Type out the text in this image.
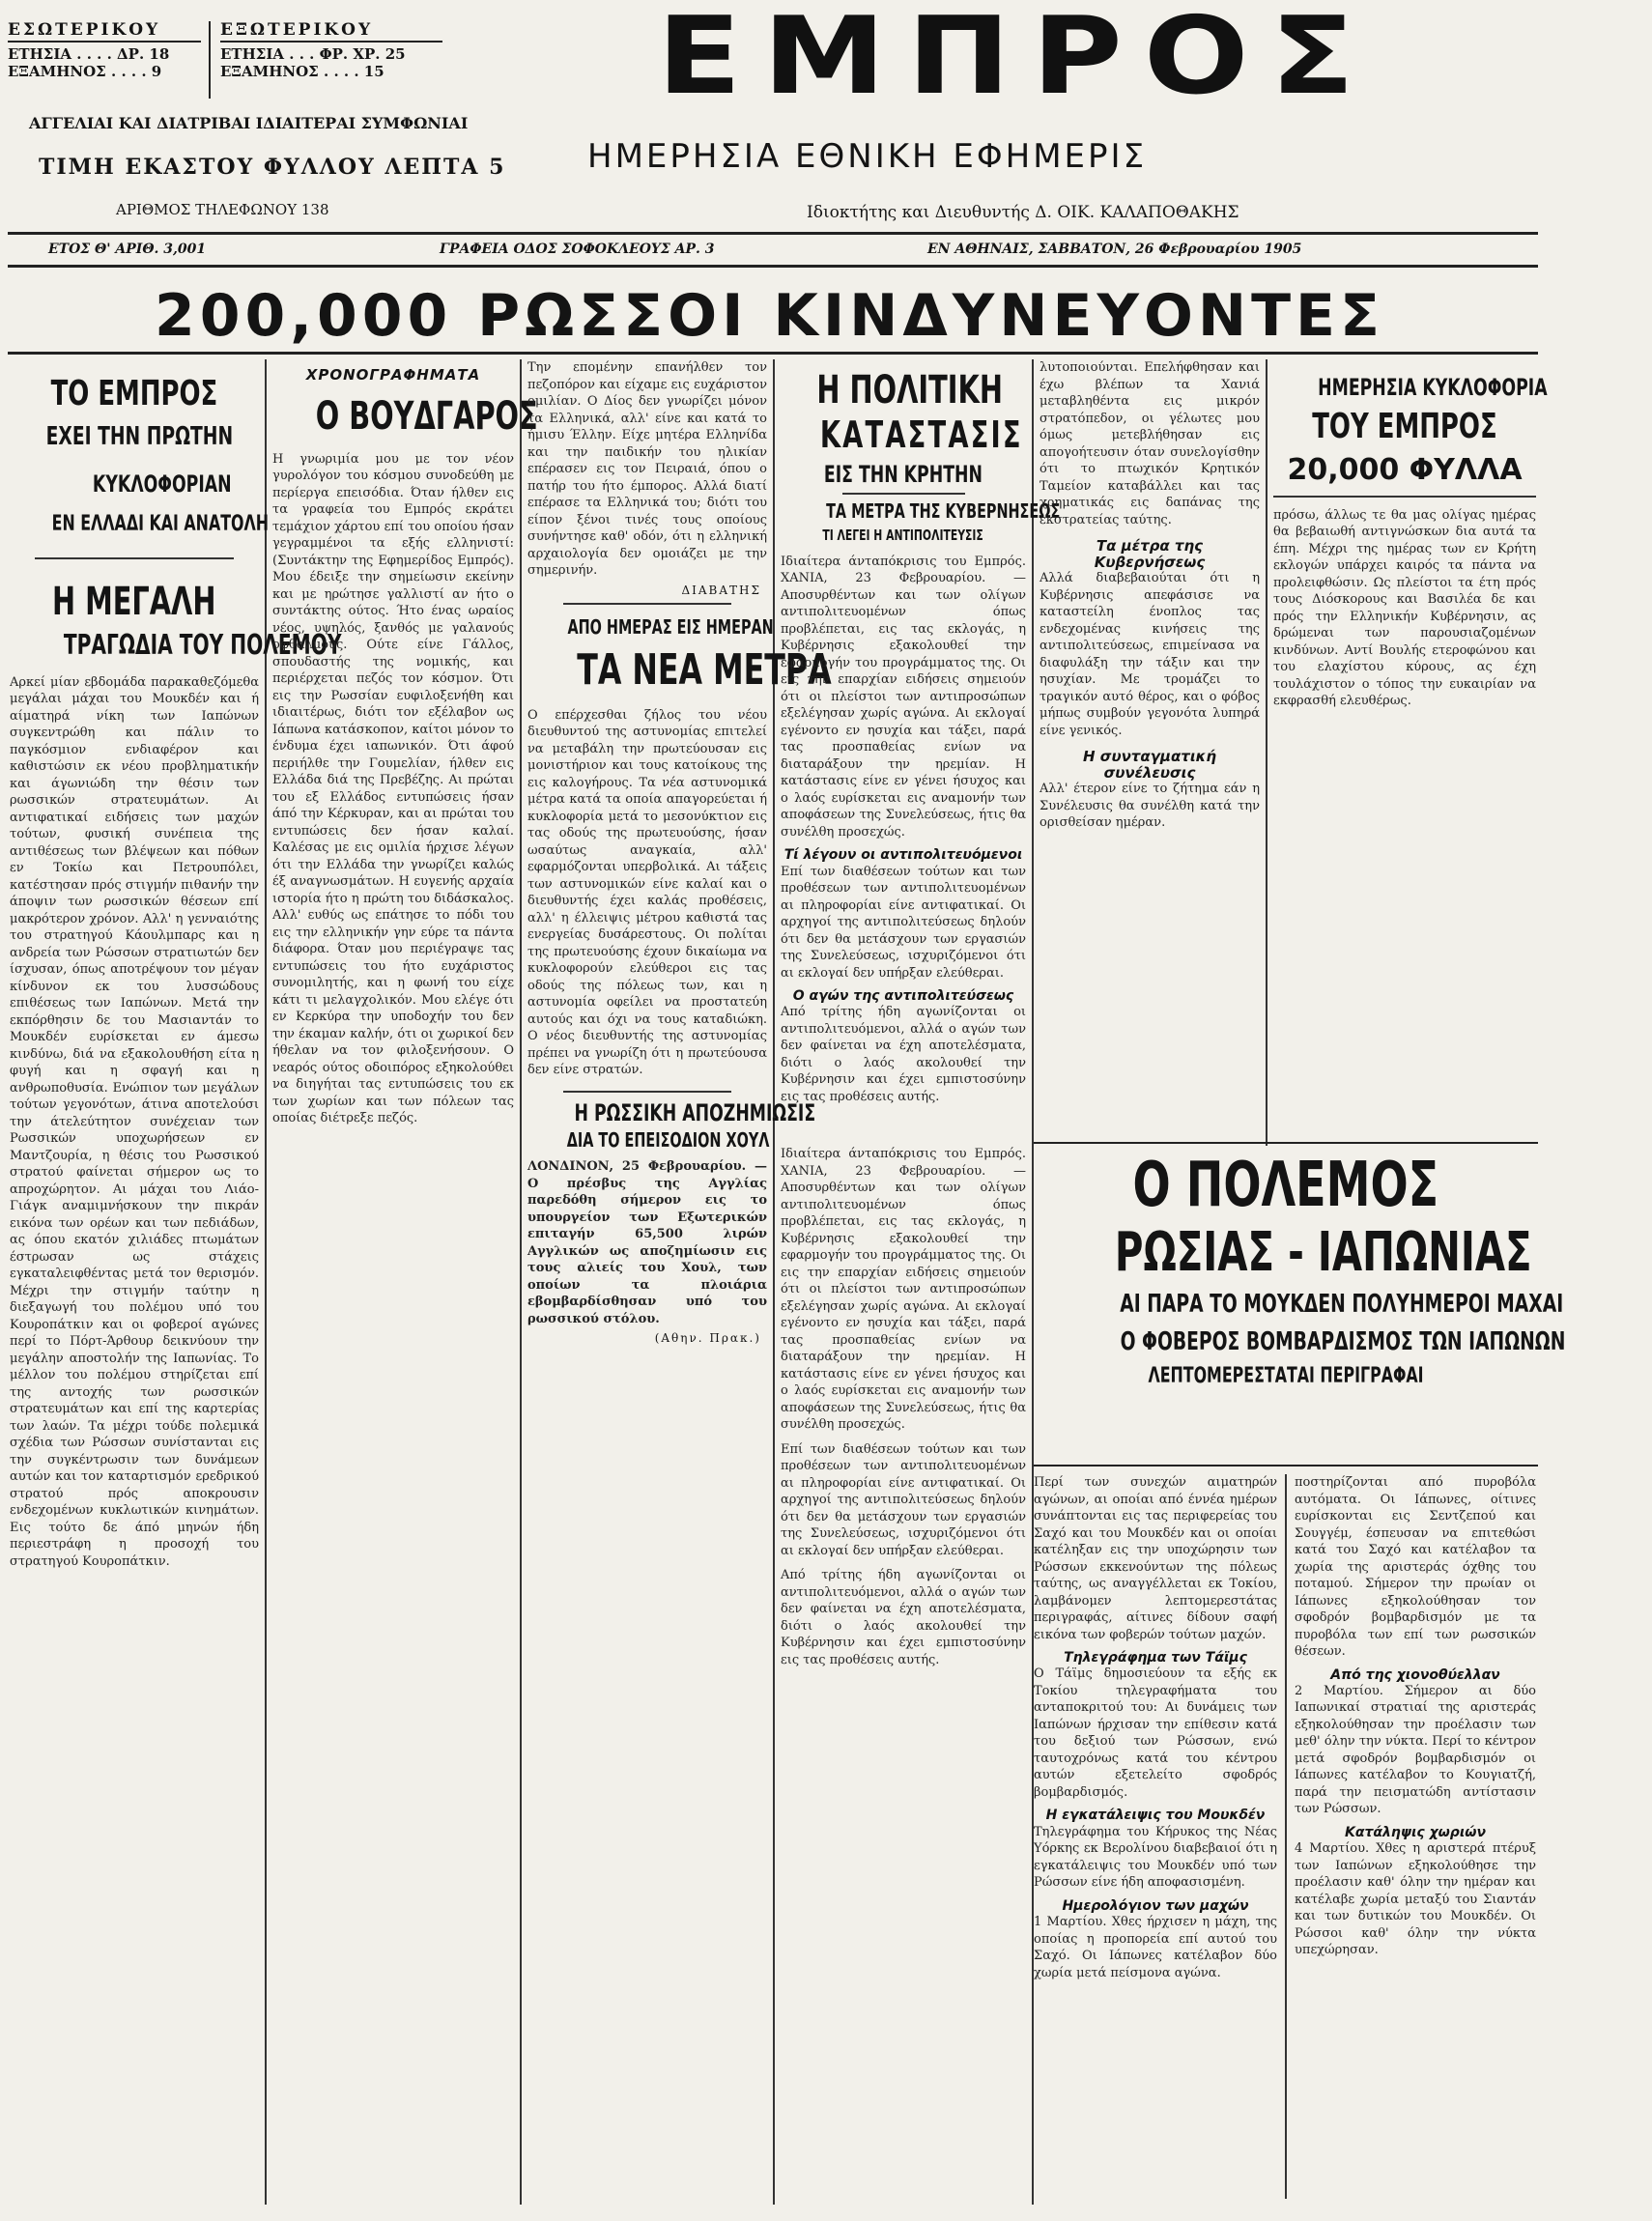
ΕΣΩΤΕΡΙΚΟΥ
ΕΤΗΣΙΑ . . . . ΔΡ. 18
ΕΞΑΜΗΝΟΣ . . . . 9
ΕΞΩΤΕΡΙΚΟΥ
ΕΤΗΣΙΑ . . . ΦΡ. ΧΡ. 25
ΕΞΑΜΗΝΟΣ . . . . 15	ΕΜΠΡΟΣ
ΑΓΓΕΛΙΑΙ ΚΑΙ ΔΙΑΤΡΙΒΑΙ ΙΔΙΑΙΤΕΡΑΙ ΣΥΜΦΩΝΙΑΙ
ΤΙΜΗ ΕΚΑΣΤΟΥ ΦΥΛΛΟΥ ΛΕΠΤΑ 5
ΑΡΙΘΜΟΣ ΤΗΛΕΦΩΝΟΥ 138
ΗΜΕΡΗΣΙΑ ΕΘΝΙΚΗ ΕΦΗΜΕΡΙΣ
Ιδιοκτήτης και Διευθυντής Δ. ΟΙΚ. ΚΑΛΑΠΟΘΑΚΗΣ
ΕΤΟΣ Θ' ΑΡΙΘ. 3,001	ΓΡΑΦΕΙΑ ΟΔΟΣ ΣΟΦΟΚΛΕΟΥΣ ΑΡ. 3	ΕΝ ΑΘΗΝΑΙΣ, ΣΑΒΒΑΤΟΝ, 26 Φεβρουαρίου 1905
200,000 ΡΩΣΣΟΙ ΚΙΝΔΥΝΕΥΟΝΤΕΣ
ΤΟ ΕΜΠΡΟΣ
ΕΧΕΙ ΤΗΝ ΠΡΩΤΗΝ
ΚΥΚΛΟΦΟΡΙΑΝ
ΕΝ ΕΛΛΑΔΙ ΚΑΙ ΑΝΑΤΟΛΗ
Η ΜΕΓΑΛΗ
ΤΡΑΓΩΔΙΑ ΤΟΥ ΠΟΛΕΜΟΥ

Αρκεί μίαν εβδομάδα παρακαθεζόμεθα μεγάλαι μάχαι του Μουκδέν και ή αίματηρά νίκη των Ιαπώνων συγκεντρώθη και πάλιν το παγκόσμιον ενδιαφέρον και καθιστώσιν εκ νέου προβληματικήν και άγωνιώδη την θέσιν των ρωσσικών στρατευμάτων. Αι αντιφατικαί ειδήσεις των μαχών τούτων, φυσική συνέπεια της αντιθέσεως των βλέψεων και πόθων εν Τοκίω και Πετρουπόλει, κατέστησαν πρός στιγμήν πιθανήν την άποψιν των ρωσσικών θέσεων επί μακρότερον χρόνον. Αλλ' η γενναιότης του στρατηγού Κάουλμπαρς και η ανδρεία των Ρώσσων στρατιωτών δεν ίσχυσαν, όπως αποτρέψουν τον μέγαν κίνδυνον εκ του λυσσώδους επιθέσεως των Ιαπώνων. Μετά την εκπόρθησιν δε του Μασιαντάν το Μουκδέν ευρίσκεται εν άμεσω κινδύνω, διά να εξακολουθήση είτα η φυγή και η σφαγή και η ανθρωποθυσία. Ενώπιον των μεγάλων τούτων γεγονότων, άτινα αποτελούσι την άτελεύτητον συνέχειαν των Ρωσσικών υποχωρήσεων εν Μαντζουρία, η θέσις του Ρωσσικού στρατού φαίνεται σήμερον ως το απροχώρητον. Αι μάχαι του Λιάο-Γιάγκ αναμιμνήσκουν την πικράν εικόνα των ορέων και των πεδιάδων, ας όπου εκατόν χιλιάδες πτωμάτων έστρωσαν ως στάχεις εγκαταλειφθέντας μετά τον θερισμόν. Μέχρι την στιγμήν ταύτην η διεξαγωγή του πολέμου υπό του Κουροπάτκιν και οι φοβεροί αγώνες περί το Πόρτ-Άρθουρ δεικνύουν την μεγάλην αποστολήν της Ιαπωνίας. Το μέλλον του πολέμου στηρίζεται επί της αντοχής των ρωσσικών στρατευμάτων και επί της καρτερίας των λαών. Τα μέχρι τούδε πολεμικά σχέδια των Ρώσσων συνίστανται εις την συγκέντρωσιν των δυνάμεων αυτών και τον καταρτισμόν ερεδρικού στρατού πρός αποκρουσιν ενδεχομένων κυκλωτικών κινημάτων. Εις τούτο δε άπό μηνών ήδη περιεστράφη η προσοχή του στρατηγού Κουροπάτκιν.

ΧΡΟΝΟΓΡΑΦΗΜΑΤΑ
Ο ΒΟΥΔΓΑΡΟΣ

Η γνωριμία μου με τον νέον γυρολόγον του κόσμου συνοδεύθη με περίεργα επεισόδια. Όταν ήλθεν εις τα γραφεία του Εμπρός εκράτει τεμάχιον χάρτου επί του οποίου ήσαν γεγραμμένοι τα εξής ελληνιστί: (Συντάκτην της Εφημερίδος Εμπρός). Μου έδειξε την σημείωσιν εκείνην και με ηρώτησε γαλλιστί αν ήτο ο συντάκτης ούτος. Ήτο ένας ωραίος νέος, υψηλός, ξανθός με γαλανούς οφθαλμούς. Ούτε είνε Γάλλος, σπουδαστής της νομικής, και περιέρχεται πεζός τον κόσμον. Ότι εις την Ρωσσίαν ευφιλοξενήθη και ιδιαιτέρως, διότι τον εξέλαβον ως Ιάπωνα κατάσκοπον, καίτοι μόνον το ένδυμα έχει ιαπωνικόν. Ότι άφού περιήλθε την Γουμελίαν, ήλθεν εις Ελλάδα διά της Πρεβέζης. Αι πρώται του εξ Ελλάδος εντυπώσεις ήσαν άπό την Κέρκυραν, και αι πρώται του εντυπώσεις δεν ήσαν καλαί. Καλέσας με εις ομιλία ήρχισε λέγων ότι την Ελλάδα την γνωρίζει καλώς έξ αναγνωσμάτων. Η ευγενής αρχαία ιστορία ήτο η πρώτη του διδάσκαλος. Αλλ' ευθύς ως επάτησε το πόδι του εις την ελληνικήν γην εύρε τα πάντα διάφορα. Όταν μου περιέγραψε τας εντυπώσεις του ήτο ευχάριστος συνομιλητής, και η φωνή του είχε κάτι τι μελαγχολικόν. Μου ελέγε ότι εν Κερκύρα την υποδοχήν του δεν την έκαμαν καλήν, ότι οι χωρικοί δεν ήθελαν να τον φιλοξενήσουν. Ο νεαρός ούτος οδοιπόρος εξηκολούθει να διηγήται τας εντυπώσεις του εκ των χωρίων και των πόλεων τας οποίας διέτρεξε πεζός.

Την επομένην επανήλθεν τον πεζοπόρον και είχαμε εις ευχάριστον ομιλίαν. Ο Δίος δεν γνωρίζει μόνον τα Ελληνικά, αλλ' είνε και κατά το ήμισυ Έλλην. Είχε μητέρα Ελληνίδα και την παιδικήν του ηλικίαν επέρασεν εις τον Πειραιά, όπου ο πατήρ του ήτο έμπορος. Αλλά διατί επέρασε τα Ελληνικά του; διότι του είπον ξένοι τινές τους οποίους συνήντησε καθ' οδόν, ότι η ελληνική αρχαιολογία δεν ομοιάζει με την σημερινήν.

ΔΙΑΒΑΤΗΣ
ΑΠΟ ΗΜΕΡΑΣ ΕΙΣ ΗΜΕΡΑΝ
ΤΑ ΝΕΑ ΜΕΤΡΑ

Ο επέρχεσθαι ζήλος του νέου διευθυντού της αστυνομίας επιτελεί να μεταβάλη την πρωτεύουσαν εις μονιστήριον και τους κατοίκους της εις καλογήρους. Τα νέα αστυνομικά μέτρα κατά τα οποία απαγορεύεται ή κυκλοφορία μετά το μεσονύκτιον εις τας οδούς της πρωτευούσης, ήσαν ωσαύτως αναγκαία, αλλ' εφαρμόζονται υπερβολικά. Αι τάξεις των αστυνομικών είνε καλαί και ο διευθυντής έχει καλάς προθέσεις, αλλ' η έλλειψις μέτρου καθιστά τας ενεργείας δυσάρεστους. Οι πολίται της πρωτευούσης έχουν δικαίωμα να κυκλοφορούν ελεύθεροι εις τας οδούς της πόλεως των, και η αστυνομία οφείλει να προστατεύη αυτούς και όχι να τους καταδιώκη. Ο νέος διευθυντής της αστυνομίας πρέπει να γνωρίζη ότι η πρωτεύουσα δεν είνε στρατών.

Η ΡΩΣΣΙΚΗ ΑΠΟΖΗΜΙΩΣΙΣ
ΔΙΑ ΤΟ ΕΠΕΙΣΟΔΙΟΝ ΧΟΥΛ

ΛΟΝΔΙΝΟΝ, 25 Φεβρουαρίου. — Ο πρέσβυς της Αγγλίας παρεδόθη σήμερον εις το υπουργείον των Εξωτερικών επιταγήν 65,500 λιρών Αγγλικών ως αποζημίωσιν εις τους αλιείς του Χουλ, των οποίων τα πλοιάρια εβομβαρδίσθησαν υπό του ρωσσικού στόλου.

(Αθην. Πρακ.)
Η ΠΟΛΙΤΙΚΗ
ΚΑΤΑΣΤΑΣΙΣ
ΕΙΣ ΤΗΝ ΚΡΗΤΗΝ
ΤΑ ΜΕΤΡΑ ΤΗΣ ΚΥΒΕΡΝΗΣΕΩΣ
ΤΙ ΛΕΓΕΙ Η ΑΝΤΙΠΟΛΙΤΕΥΣΙΣ

Ιδιαίτερα άνταπόκρισις του Εμπρός. ΧΑΝΙΑ, 23 Φεβρουαρίου. — Αποσυρθέντων και των ολίγων αντιπολιτευομένων όπως προβλέπεται, εις τας εκλογάς, η Κυβέρνησις εξακολουθεί την εφαρμογήν του προγράμματος της. Οι εις την επαρχίαν ειδήσεις σημειούν ότι οι πλείστοι των αντιπροσώπων εξελέγησαν χωρίς αγώνα. Αι εκλογαί εγένοντο εν ησυχία και τάξει, παρά τας προσπαθείας ενίων να διαταράξουν την ηρεμίαν. Η κατάστασις είνε εν γένει ήσυχος και ο λαός ευρίσκεται εις αναμονήν των αποφάσεων της Συνελεύσεως, ήτις θα συνέλθη προσεχώς.

Τί λέγουν οι αντιπολιτευόμενοι

Επί των διαθέσεων τούτων και των προθέσεων των αντιπολιτευομένων αι πληροφορίαι είνε αντιφατικαί. Οι αρχηγοί της αντιπολιτεύσεως δηλούν ότι δεν θα μετάσχουν των εργασιών της Συνελεύσεως, ισχυριζόμενοι ότι αι εκλογαί δεν υπήρξαν ελεύθεραι.

Ο αγών της αντιπολιτεύσεως

Από τρίτης ήδη αγωνίζονται οι αντιπολιτευόμενοι, αλλά ο αγών των δεν φαίνεται να έχη αποτελέσματα, διότι ο λαός ακολουθεί την Κυβέρνησιν και έχει εμπιστοσύνην εις τας προθέσεις αυτής.

λυτοποιούνται. Επελήφθησαν και έχω βλέπων τα Χανιά μεταβληθέντα εις μικρόν στρατόπεδον, οι γέλωτες μου όμως μετεβλήθησαν εις απογοήτευσιν όταν συνελογίσθην ότι το πτωχικόν Κρητικόν Ταμείον καταβάλλει και τας χρηματικάς εις δαπάνας της εκστρατείας ταύτης.

Τα μέτρα της Κυβερνήσεως

Αλλά διαβεβαιούται ότι η Κυβέρνησις απεφάσισε να καταστείλη ένοπλος τας ενδεχομένας κινήσεις της αντιπολιτεύσεως, επιμείνασα να διαφυλάξη την τάξιν και την ησυχίαν. Με τρομάζει το τραγικόν αυτό θέρος, και ο φόβος μήπως συμβούν γεγονότα λυπηρά είνε γενικός.

Η συνταγματική συνέλευσις

Αλλ' έτερον είνε το ζήτημα εάν η Συνέλευσις θα συνέλθη κατά την ορισθείσαν ημέραν.

ΗΜΕΡΗΣΙΑ ΚΥΚΛΟΦΟΡΙΑ
ΤΟΥ ΕΜΠΡΟΣ
20,000 ΦΥΛΛΑ

πρόσω, άλλως τε θα μας ολίγας ημέρας θα βεβαιωθή αντιγνώσκων δια αυτά τα έπη. Μέχρι της ημέρας των εν Κρήτη εκλογών υπάρχει καιρός τα πάντα να προλειφθώσιν. Ως πλείστοι τα έτη πρός τους Διόσκορους και Βασιλέα δε και πρός την Ελληνικήν Κυβέρνησιν, ας δρώμεναι των παρουσιαζομένων κινδύνων. Αντί Βουλής ετεροφώνου και του ελαχίστου κύρους, ας έχη τουλάχιστον ο τόπος την ευκαιρίαν να εκφρασθή ελευθέρως.

Ο ΠΟΛΕΜΟΣ
ΡΩΣΙΑΣ - ΙΑΠΩΝΙΑΣ
ΑΙ ΠΑΡΑ ΤΟ ΜΟΥΚΔΕΝ ΠΟΛΥΗΜΕΡΟΙ ΜΑΧΑΙ
Ο ΦΟΒΕΡΟΣ ΒΟΜΒΑΡΔΙΣΜΟΣ ΤΩΝ ΙΑΠΩΝΩΝ
ΛΕΠΤΟΜΕΡΕΣΤΑΤΑΙ ΠΕΡΙΓΡΑΦΑΙ

Περί των συνεχών αιματηρών αγώνων, αι οποίαι από έννέα ημέρων συνάπτονται εις τας περιφερείας του Σαχό και του Μουκδέν και οι οποίαι κατέληξαν εις την υποχώρησιν των Ρώσσων εκκενούντων της πόλεως ταύτης, ως αναγγέλλεται εκ Τοκίου, λαμβάνομεν λεπτομερεστάτας περιγραφάς, αίτινες δίδουν σαφή εικόνα των φοβερών τούτων μαχών.

Τηλεγράφημα των Τάϊμς

Ο Τάϊμς δημοσιεύουν τα εξής εκ Τοκίου τηλεγραφήματα του ανταποκριτού του: Αι δυνάμεις των Ιαπώνων ήρχισαν την επίθεσιν κατά του δεξιού των Ρώσσων, ενώ ταυτοχρόνως κατά του κέντρου αυτών εξετελείτο σφοδρός βομβαρδισμός.

Η εγκατάλειψις του Μουκδέν

Τηλεγράφημα του Κήρυκος της Νέας Υόρκης εκ Βερολίνου διαβεβαιοί ότι η εγκατάλειψις του Μουκδέν υπό των Ρώσσων είνε ήδη αποφασισμένη.

Ημερολόγιον των μαχών

1 Μαρτίου. Χθες ήρχισεν η μάχη, της οποίας η προπορεία επί αυτού του Σαχό. Οι Ιάπωνες κατέλαβον δύο χωρία μετά πείσμονα αγώνα.

ποστηρίζονται από πυροβόλα αυτόματα. Οι Ιάπωνες, οίτινες ευρίσκονται εις Σεντζεπού και Σουγγέμ, έσπευσαν να επιτεθώσι κατά του Σαχό και κατέλαβον τα χωρία της αριστεράς όχθης του ποταμού. Σήμερον την πρωίαν οι Ιάπωνες εξηκολούθησαν τον σφοδρόν βομβαρδισμόν με τα πυροβόλα των επί των ρωσσικών θέσεων.

Από της χιονοθύελλαν

2 Μαρτίου. Σήμερον αι δύο Ιαπωνικαί στρατιαί της αριστεράς εξηκολούθησαν την προέλασιν των μεθ' όλην την νύκτα. Περί το κέντρον μετά σφοδρόν βομβαρδισμόν οι Ιάπωνες κατέλαβον το Κουγιατζή, παρά την πεισματώδη αντίστασιν των Ρώσσων.

Κατάληψις χωριών

4 Μαρτίου. Χθες η αριστερά πτέρυξ των Ιαπώνων εξηκολούθησε την προέλασιν καθ' όλην την ημέραν και κατέλαβε χωρία μεταξύ του Σιαντάν και των δυτικών του Μουκδέν. Οι Ρώσσοι καθ' όλην την νύκτα υπεχώρησαν.

Ιδιαίτερα άνταπόκρισις του Εμπρός. ΧΑΝΙΑ, 23 Φεβρουαρίου. — Αποσυρθέντων και των ολίγων αντιπολιτευομένων όπως προβλέπεται, εις τας εκλογάς, η Κυβέρνησις εξακολουθεί την εφαρμογήν του προγράμματος της. Οι εις την επαρχίαν ειδήσεις σημειούν ότι οι πλείστοι των αντιπροσώπων εξελέγησαν χωρίς αγώνα. Αι εκλογαί εγένοντο εν ησυχία και τάξει, παρά τας προσπαθείας ενίων να διαταράξουν την ηρεμίαν. Η κατάστασις είνε εν γένει ήσυχος και ο λαός ευρίσκεται εις αναμονήν των αποφάσεων της Συνελεύσεως, ήτις θα συνέλθη προσεχώς.

Επί των διαθέσεων τούτων και των προθέσεων των αντιπολιτευομένων αι πληροφορίαι είνε αντιφατικαί. Οι αρχηγοί της αντιπολιτεύσεως δηλούν ότι δεν θα μετάσχουν των εργασιών της Συνελεύσεως, ισχυριζόμενοι ότι αι εκλογαί δεν υπήρξαν ελεύθεραι.

Από τρίτης ήδη αγωνίζονται οι αντιπολιτευόμενοι, αλλά ο αγών των δεν φαίνεται να έχη αποτελέσματα, διότι ο λαός ακολουθεί την Κυβέρνησιν και έχει εμπιστοσύνην εις τας προθέσεις αυτής.
